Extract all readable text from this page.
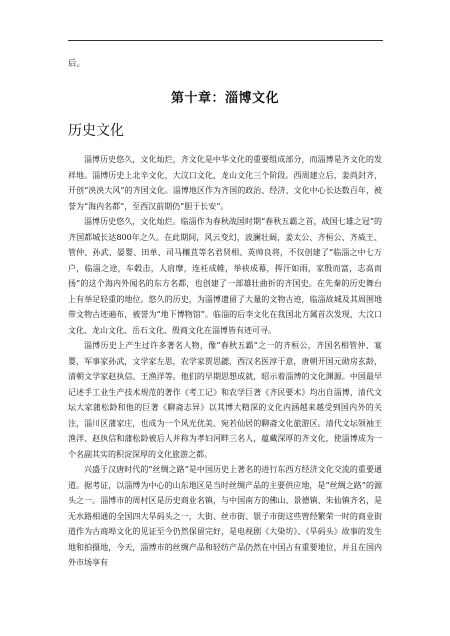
后。
第十章：淄博文化
历史文化

淄博历史悠久，文化灿烂，齐文化是中华文化的重要组成部分，而淄博是齐文化的发祥地。淄博历史上北辛文化，大汶口文化，龙山文化三个阶段。西周建立后，姜尚封齐，开创“泱泱大风”的齐国文化。淄博地区作为齐国的政治、经济、文化中心长达数百年，被誉为“海内名都”，至西汉前期仍“胆于长安”。

淄博历史悠久，文化灿烂。临淄作为春秋战国时期“春秋五霸之首，战国七雄之冠”的齐国都城长达800年之久。在此期间，风云变幻，波澜壮阔，姜太公、齐桓公、齐威王、管仲、孙武、晏婴、田单、司马穰苴等名君贤相、英帅良将，不仅创建了“临淄之中七万户，临淄之途，车毂击，人肩摩，连衽成帷，举袂成幕，挥汗如雨，家殷而富，志高而扬”的这个海内外闻名的东方名都，也创建了一部雄壮曲折的齐国史。在先秦的历史舞台上有举足轻重的地位。悠久的历史，为淄博遗留了大量的文物古迹，临淄故城及其周围地带文物古迹遍布，被誉为“地下博物馆”。临淄的后李文化在我国北方属首次发现，大汶口文化、龙山文化、岳石文化、殷商文化在淄博皆有迹可寻。

淄博历史上产生过许多著名人物，像“春秋五霸”之一的齐桓公，齐国名相管仲、宴婴，军事家孙武，文学家左思，农学家贾思勰，西汉名医淳于意，唐朝开国元勋房玄龄，清朝文学家赵执信、王渔洋等。他们的早期思想成就，昭示着淄博的文化渊源。中国最早记述手工业生产技术规范的著作《考工记》和农学巨著《齐民要术》均出自淄博，清代文坛大家蒲松龄和他的巨著《聊斋志异》以其博大精深的文化内涵越来越受到国内外的关注，淄川区蒲家庄，也成为一个风光优美、宛若仙居的聊斋文化旅游区。清代文坛领袖王渔洋、赵执信和蒲松龄被后人并称为孝妇河畔三名人，蕴藏深厚的齐文化，使淄博成为一个名副其实的积淀深厚的文化旅游之都。

兴盛于汉唐时代的“丝绸之路”是中国历史上著名的进行东西方经济文化交流的重要通道。据考证，以淄博为中心的山东地区是当时丝绸产品的主要供应地，是“丝绸之路”的源头之一。淄博市的周村区是历史商业名镇，与中国南方的佛山、景德镇、朱仙镇齐名，是无水路相通的全国四大旱码头之一，大街、丝市街、银子市街这些曾经繁荣一时的商业街道作为古商埠文化的见证至今仍然保留完好，是电视剧《大染坊》、《旱码头》故事的发生地和拍摄地，今天，淄博市的丝绸产品和轻纺产品仍然在中国占有重要地位，并且在国内外市场享有
